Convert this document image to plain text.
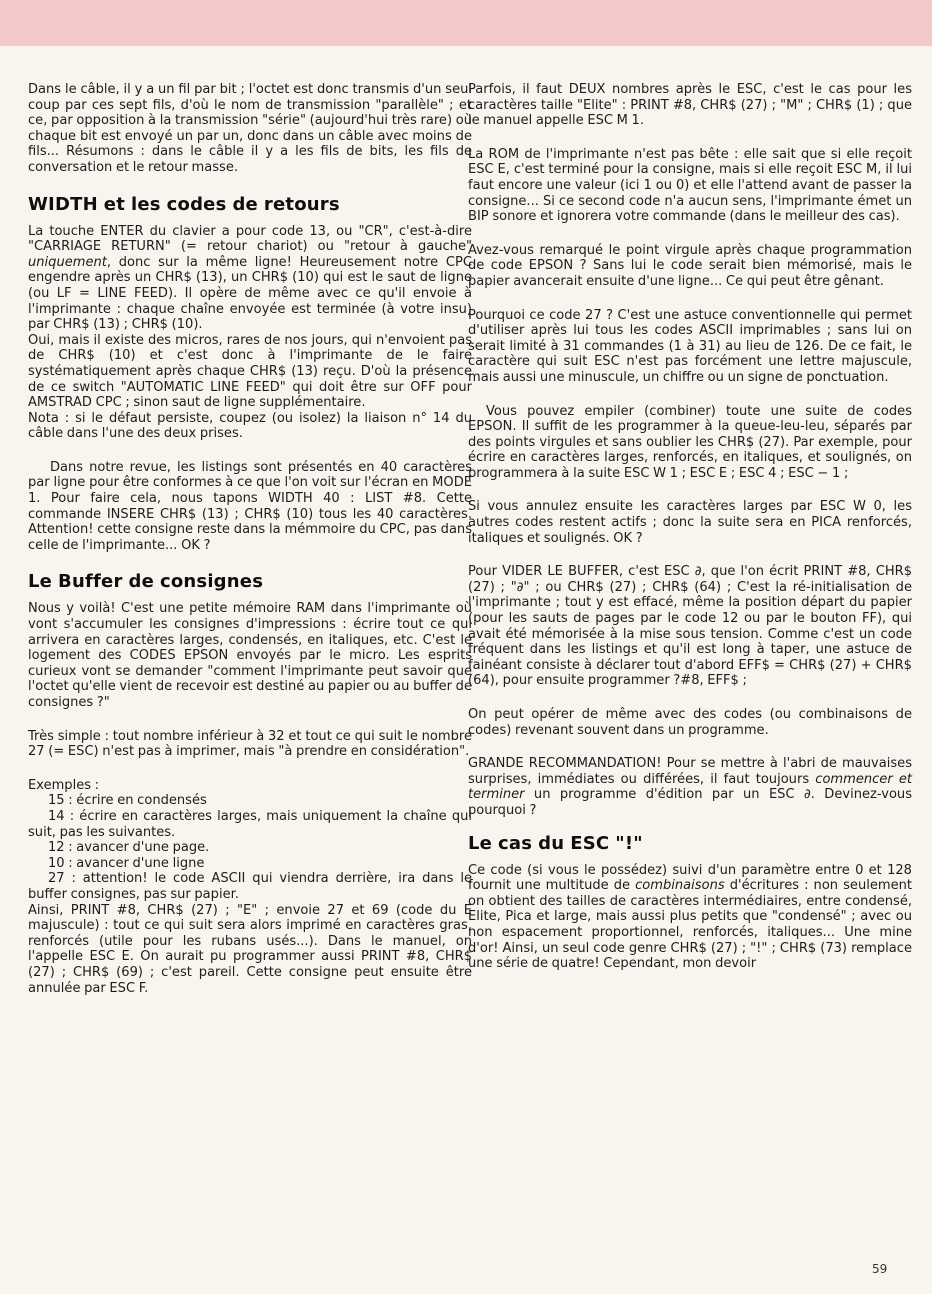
Dans le câble, il y a un fil par bit ; l'octet est donc transmis d'un seul coup par ces sept fils, d'où le nom de transmission "parallèle" ; et ce, par opposition à la transmission "série" (aujourd'hui très rare) où chaque bit est envoyé un par un, donc dans un câble avec moins de fils... Résumons : dans le câble il y a les fils de bits, les fils de conversation et le retour masse.

WIDTH et les codes de retours

La touche ENTER du clavier a pour code 13, ou "CR", c'est-à-dire "CARRIAGE RETURN" (= retour chariot) ou "retour à gauche" uniquement, donc sur la même ligne! Heureusement notre CPC engendre après un CHR$ (13), un CHR$ (10) qui est le saut de ligne (ou LF = LINE FEED). Il opère de même avec ce qu'il envoie à l'imprimante : chaque chaîne envoyée est terminée (à votre insu) par CHR$ (13) ; CHR$ (10).

Oui, mais il existe des micros, rares de nos jours, qui n'envoient pas de CHR$ (10) et c'est donc à l'imprimante de le faire systématiquement après chaque CHR$ (13) reçu. D'où la présence de ce switch "AUTOMATIC LINE FEED" qui doit être sur OFF pour AMSTRAD CPC ; sinon saut de ligne supplémentaire.

Nota : si le défaut persiste, coupez (ou isolez) la liaison n° 14 du câble dans l'une des deux prises.

Dans notre revue, les listings sont présentés en 40 caractères par ligne pour être conformes à ce que l'on voit sur l'écran en MODE 1. Pour faire cela, nous tapons WIDTH 40 : LIST #8. Cette commande INSERE CHR$ (13) ; CHR$ (10) tous les 40 caractères. Attention! cette consigne reste dans la mémmoire du CPC, pas dans celle de l'imprimante... OK ?

Le Buffer de consignes

Nous y voilà! C'est une petite mémoire RAM dans l'imprimante où vont s'accumuler les consignes d'impressions : écrire tout ce qui arrivera en caractères larges, condensés, en italiques, etc. C'est le logement des CODES EPSON envoyés par le micro. Les esprits curieux vont se demander "comment l'imprimante peut savoir que l'octet qu'elle vient de recevoir est destiné au papier ou au buffer de consignes ?"

Très simple : tout nombre inférieur à 32 et tout ce qui suit le nombre 27 (= ESC) n'est pas à imprimer, mais "à prendre en considération".

Exemples :

15 : écrire en condensés

14 : écrire en caractères larges, mais uniquement la chaîne qui suit, pas les suivantes.

12 : avancer d'une page.

10 : avancer d'une ligne

27 : attention! le code ASCII qui viendra derrière, ira dans le buffer consignes, pas sur papier.

Ainsi, PRINT #8, CHR$ (27) ; "E" ; envoie 27 et 69 (code du E majuscule) : tout ce qui suit sera alors imprimé en caractères gras, renforcés (utile pour les rubans usés...). Dans le manuel, on l'appelle ESC E. On aurait pu programmer aussi PRINT #8, CHR$ (27) ; CHR$ (69) ; c'est pareil. Cette consigne peut ensuite être annulée par ESC F.

Parfois, il faut DEUX nombres après le ESC, c'est le cas pour les caractères taille "Elite" : PRINT #8, CHR$ (27) ; "M" ; CHR$ (1) ; que le manuel appelle ESC M 1.

La ROM de l'imprimante n'est pas bête : elle sait que si elle reçoit ESC E, c'est terminé pour la consigne, mais si elle reçoit ESC M, il lui faut encore une valeur (ici 1 ou 0) et elle l'attend avant de passer la consigne... Si ce second code n'a aucun sens, l'imprimante émet un BIP sonore et ignorera votre commande (dans le meilleur des cas).

Avez-vous remarqué le point virgule après chaque programmation de code EPSON ? Sans lui le code serait bien mémorisé, mais le papier avancerait ensuite d'une ligne... Ce qui peut être gênant.

Pourquoi ce code 27 ? C'est une astuce conventionnelle qui permet d'utiliser après lui tous les codes ASCII imprimables ; sans lui on serait limité à 31 commandes (1 à 31) au lieu de 126. De ce fait, le caractère qui suit ESC n'est pas forcément une lettre majuscule, mais aussi une minuscule, un chiffre ou un signe de ponctuation.

Vous pouvez empiler (combiner) toute une suite de codes EPSON. Il suffit de les programmer à la queue-leu-leu, séparés par des points virgules et sans oublier les CHR$ (27). Par exemple, pour écrire en caractères larges, renforcés, en italiques, et soulignés, on programmera à la suite ESC W 1 ; ESC E ; ESC 4 ; ESC − 1 ;

Si vous annulez ensuite les caractères larges par ESC W 0, les autres codes restent actifs ; donc la suite sera en PICA renforcés, italiques et soulignés. OK ?

Pour VIDER LE BUFFER, c'est ESC ∂, que l'on écrit PRINT #8, CHR$ (27) ; "∂" ; ou CHR$ (27) ; CHR$ (64) ; C'est la ré-initialisation de l'imprimante ; tout y est effacé, même la position départ du papier (pour les sauts de pages par le code 12 ou par le bouton FF), qui avait été mémorisée à la mise sous tension. Comme c'est un code fréquent dans les listings et qu'il est long à taper, une astuce de fainéant consiste à déclarer tout d'abord EFF$ = CHR$ (27) + CHR$ (64), pour ensuite programmer ?#8, EFF$ ;

On peut opérer de même avec des codes (ou combinaisons de codes) revenant souvent dans un programme.

GRANDE RECOMMANDATION! Pour se mettre à l'abri de mauvaises surprises, immédiates ou différées, il faut toujours commencer et terminer un programme d'édition par un ESC ∂. Devinez-vous pourquoi ?

Le cas du ESC "!"

Ce code (si vous le possédez) suivi d'un paramètre entre 0 et 128 fournit une multitude de combinaisons d'écritures : non seulement on obtient des tailles de caractères intermédiaires, entre condensé, Elite, Pica et large, mais aussi plus petits que "condensé" ; avec ou non espacement proportionnel, renforcés, italiques... Une mine d'or! Ainsi, un seul code genre CHR$ (27) ; "!" ; CHR$ (73) remplace une série de quatre! Cependant, mon devoir

59
